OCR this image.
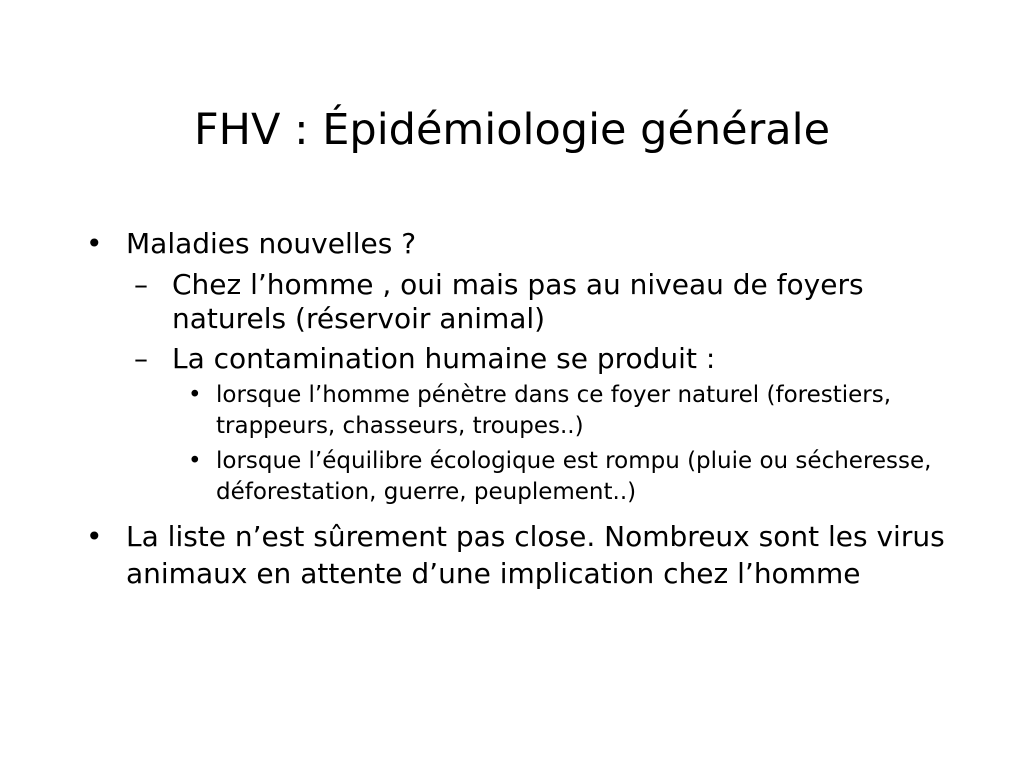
FHV : Épidémiologie générale
• Maladies nouvelles ?
– Chez l’homme , oui mais pas au niveau de foyers naturels (réservoir animal)
– La contamination humaine se produit :
• lorsque l’homme pénètre dans ce foyer naturel (forestiers, trappeurs, chasseurs, troupes..)
• lorsque l’équilibre écologique est rompu (pluie ou sécheresse, déforestation, guerre, peuplement..)
• La liste n’est sûrement pas close. Nombreux sont les virus animaux en attente d’une implication chez l’homme
